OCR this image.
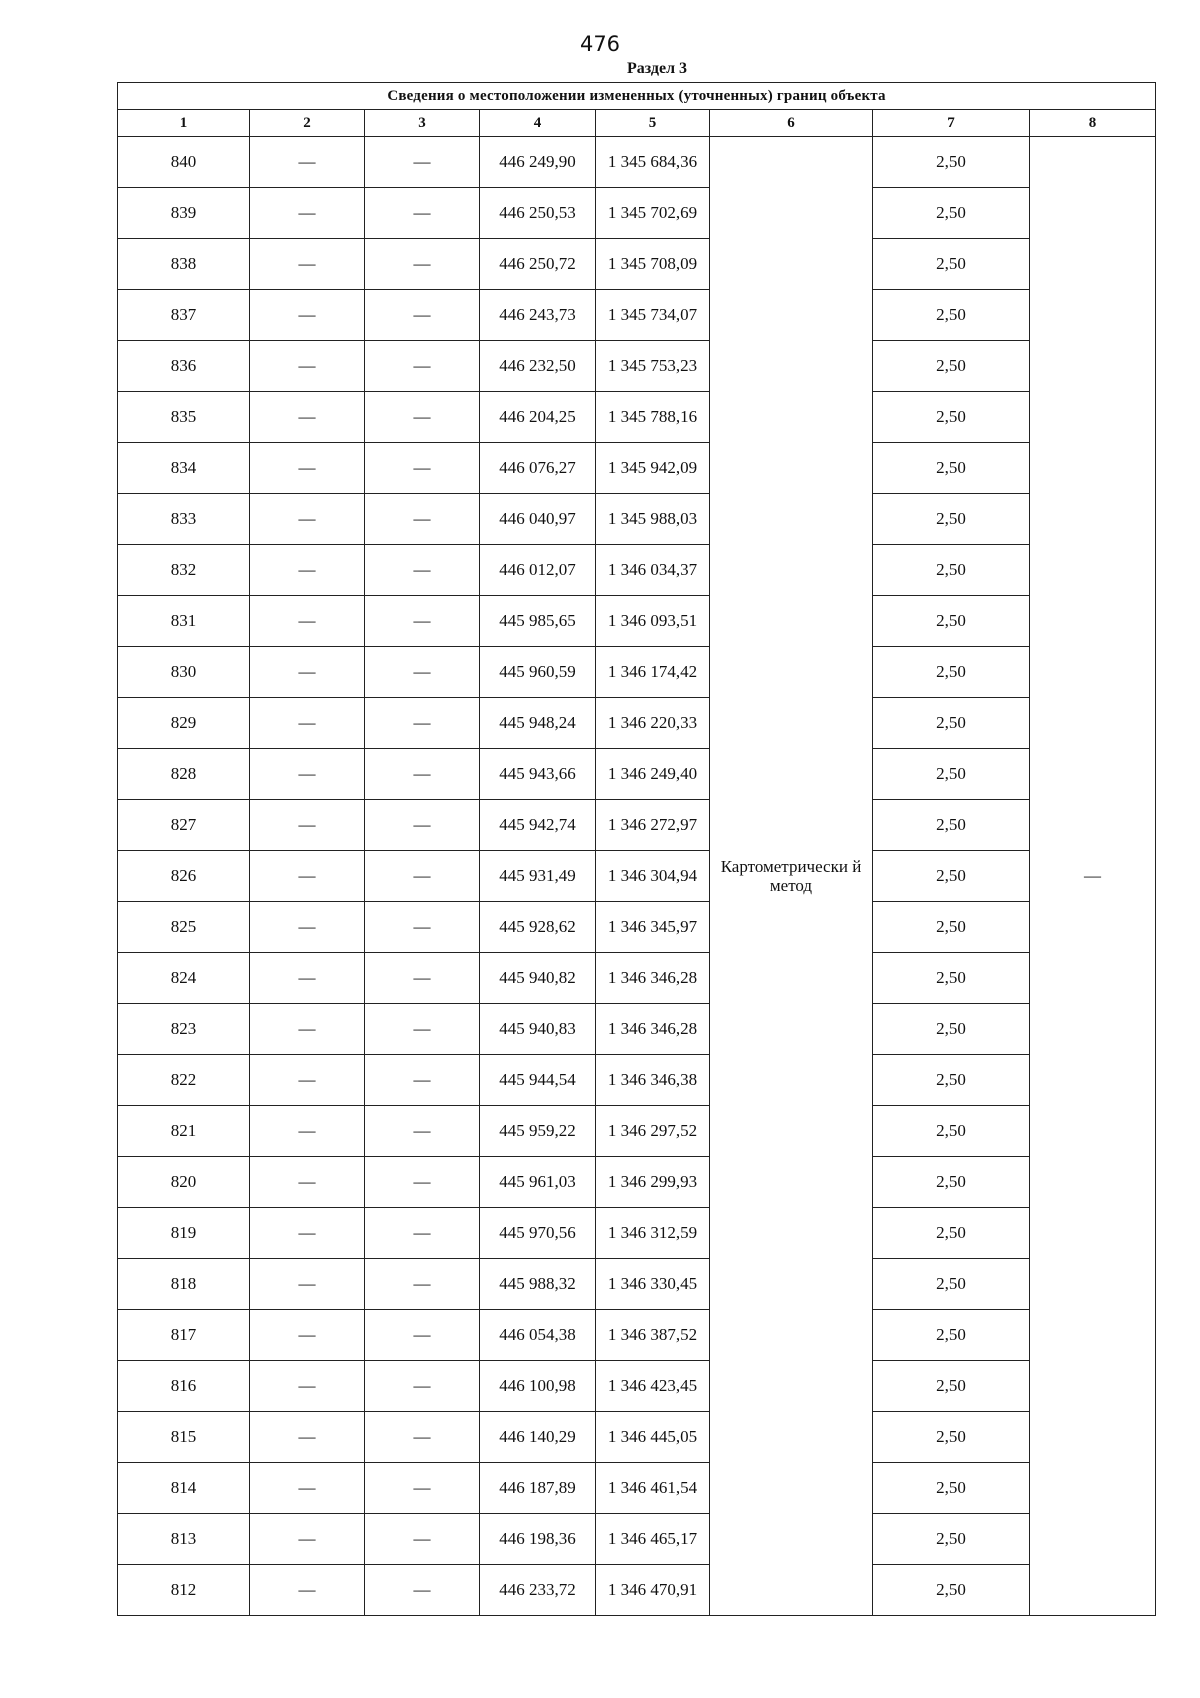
476
Раздел 3
Сведения о местоположении измененных (уточненных) границ объекта							
1	2	3	4	5	6	7	8
840	—	—	446 249,90	1 345 684,36	Картометрически й метод	2,50	—
839	—	—	446 250,53	1 345 702,69		2,50	
838	—	—	446 250,72	1 345 708,09		2,50	
837	—	—	446 243,73	1 345 734,07		2,50	
836	—	—	446 232,50	1 345 753,23		2,50	
835	—	—	446 204,25	1 345 788,16		2,50	
834	—	—	446 076,27	1 345 942,09		2,50	
833	—	—	446 040,97	1 345 988,03		2,50	
832	—	—	446 012,07	1 346 034,37		2,50	
831	—	—	445 985,65	1 346 093,51		2,50	
830	—	—	445 960,59	1 346 174,42		2,50	
829	—	—	445 948,24	1 346 220,33		2,50	
828	—	—	445 943,66	1 346 249,40		2,50	
827	—	—	445 942,74	1 346 272,97		2,50	
826	—	—	445 931,49	1 346 304,94		2,50	
825	—	—	445 928,62	1 346 345,97		2,50	
824	—	—	445 940,82	1 346 346,28		2,50	
823	—	—	445 940,83	1 346 346,28		2,50	
822	—	—	445 944,54	1 346 346,38		2,50	
821	—	—	445 959,22	1 346 297,52		2,50	
820	—	—	445 961,03	1 346 299,93		2,50	
819	—	—	445 970,56	1 346 312,59		2,50	
818	—	—	445 988,32	1 346 330,45		2,50	
817	—	—	446 054,38	1 346 387,52		2,50	
816	—	—	446 100,98	1 346 423,45		2,50	
815	—	—	446 140,29	1 346 445,05		2,50	
814	—	—	446 187,89	1 346 461,54		2,50	
813	—	—	446 198,36	1 346 465,17		2,50	
812	—	—	446 233,72	1 346 470,91		2,50	
